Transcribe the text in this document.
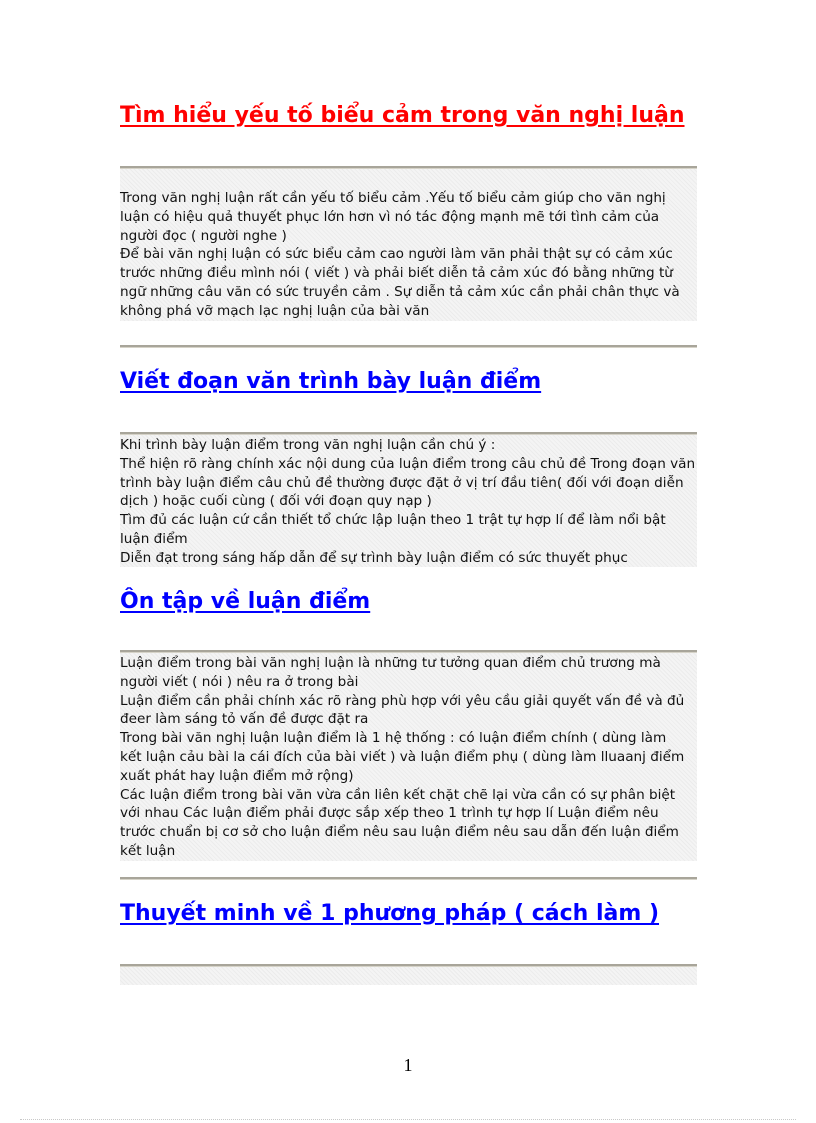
Tìm hiểu yếu tố biểu cảm trong văn nghị luận
Trong văn nghị luận rất cần yếu tố biểu cảm .Yếu tố biểu cảm giúp cho văn nghị luận có hiệu quả thuyết phục lớn hơn vì nó tác động mạnh mẽ tới tình cảm của người đọc ( người nghe )
Để bài văn nghị luận có sức biểu cảm cao người làm văn phải thật sự có cảm xúc trước những điều mình nói ( viết ) và phải biết diễn tả cảm xúc đó bằng những từ ngữ những câu văn có sức truyền cảm . Sự diễn tả cảm xúc cần phải chân thực và không phá vỡ mạch lạc nghị luận của bài văn
Viết đoạn văn trình bày luận điểm
Khi trình bày luận điểm trong văn nghị luận cần chú ý :
Thể hiện rõ ràng chính xác nội dung của luận điểm trong câu chủ đề Trong đoạn văn trình bày luận điểm câu chủ đề thường được đặt ở vị trí đầu tiên( đối với đoạn diễn dịch ) hoặc cuối cùng ( đối với đoạn quy nạp )
Tìm đủ các luận cứ cần thiết tổ chức lập luận theo 1 trật tự hợp lí để làm nổi bật luận điểm
Diễn đạt trong sáng hấp dẫn để sự trình bày luận điểm có sức thuyết phục
Ôn tập về luận điểm
Luận điểm trong bài văn nghị luận là những tư tưởng quan điểm chủ trương mà người viết ( nói ) nêu ra ở trong bài
Luận điểm cần phải chính xác rõ ràng phù hợp với yêu cầu giải quyết vấn đề và đủ đeer làm sáng tỏ vấn đề được đặt ra
Trong bài văn nghị luận luận điểm là 1 hệ thống : có luận điểm chính ( dùng làm kết luận cảu bài la cái đích của bài viết ) và luận điểm phụ ( dùng làm lluaanj điểm xuất phát hay luận điểm mở rộng)
Các luận điểm trong bài văn vừa cần liên kết chặt chẽ lại vừa cần có sự phân biệt với nhau Các luận điểm phải được sắp xếp theo 1 trình tự hợp lí Luận điểm nêu trước chuẩn bị cơ sở cho luận điểm nêu sau luận điểm nêu sau dẫn đến luận điểm kết luận
Thuyết minh về 1 phương pháp ( cách làm )
1
